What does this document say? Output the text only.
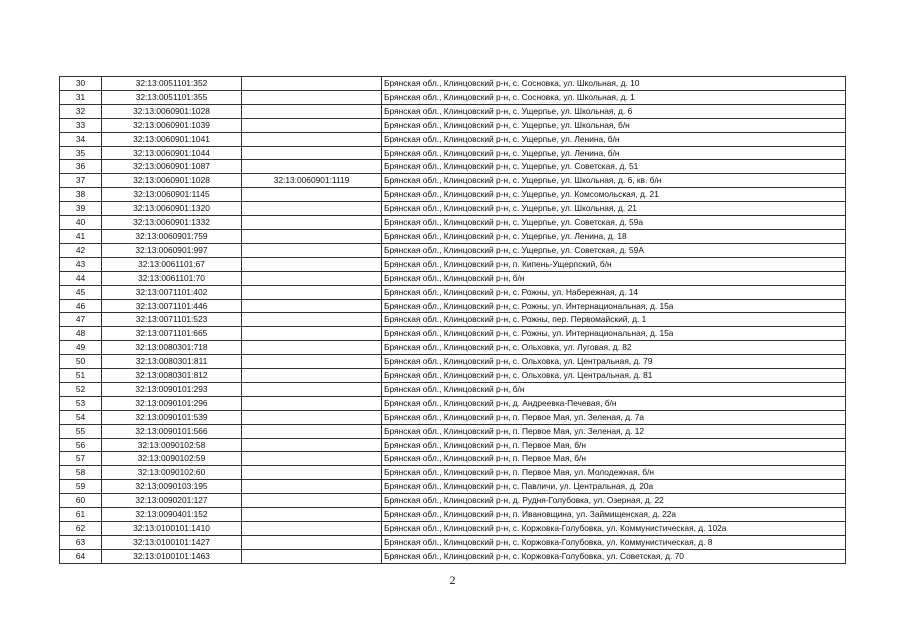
30	32:13:0051101:352		Брянская обл., Клинцовский р-н, с. Сосновка, ул. Школьная, д. 10
31	32:13:0051101:355		Брянская обл., Клинцовский р-н, с. Сосновка, ул. Школьная, д. 1
32	32:13:0060901:1028		Брянская обл., Клинцовский р-н, с. Ущерпье, ул. Школьная, д. 6
33	32:13:0060901:1039		Брянская обл., Клинцовский р-н, с. Ущерпье, ул. Школьная, б/н
34	32:13:0060901:1041		Брянская обл., Клинцовский р-н, с. Ущерпье, ул. Ленина, б/н
35	32:13:0060901:1044		Брянская обл., Клинцовский р-н, с. Ущерпье, ул. Ленина, б/н
36	32:13:0060901:1087		Брянская обл., Клинцовский р-н, с. Ущерпье, ул. Советская, д. 51
37	32:13:0060901:1028	32:13:0060901:1119	Брянская обл., Клинцовский р-н, с. Ущерпье, ул. Школьная, д. 6, кв. б/н
38	32:13:0060901:1145		Брянская обл., Клинцовский р-н, с. Ущерпье, ул. Комсомольская, д. 21
39	32:13:0060901:1320		Брянская обл., Клинцовский р-н, с. Ущерпье, ул. Школьная, д. 21
40	32:13:0060901:1332		Брянская обл., Клинцовский р-н, с. Ущерпье, ул. Советская, д. 59а
41	32:13:0060901:759		Брянская обл., Клинцовский р-н, с. Ущерпье, ул. Ленина, д. 18
42	32:13:0060901:997		Брянская обл., Клинцовский р-н, с. Ущерпье, ул. Советская, д. 59А
43	32:13:0061101:67		Брянская обл., Клинцовский р-н, п. Кипень-Ущерпский, б/н
44	32:13:0061101:70		Брянская обл., Клинцовский р-н, б/н
45	32:13:0071101:402		Брянская обл., Клинцовский р-н, с. Рожны, ул. Набережная, д. 14
46	32:13:0071101:446		Брянская обл., Клинцовский р-н, с. Рожны, ул. Интернациональная, д. 15а
47	32:13:0071101:523		Брянская обл., Клинцовский р-н, с. Рожны, пер. Первомайский, д. 1
48	32:13:0071101:665		Брянская обл., Клинцовский р-н, с. Рожны, ул. Интернациональная, д. 15а
49	32:13:0080301:718		Брянская обл., Клинцовский р-н, с. Ольховка, ул. Луговая, д. 82
50	32:13:0080301:811		Брянская обл., Клинцовский р-н, с. Ольховка, ул. Центральная, д. 79
51	32:13:0080301:812		Брянская обл., Клинцовский р-н, с. Ольховка, ул. Центральная, д. 81
52	32:13:0090101:293		Брянская обл., Клинцовский р-н, б/н
53	32:13:0090101:296		Брянская обл., Клинцовский р-н, д. Андреевка-Печевая, б/н
54	32:13:0090101:539		Брянская обл., Клинцовский р-н, п. Первое Мая, ул. Зеленая, д. 7а
55	32:13:0090101:566		Брянская обл., Клинцовский р-н, п. Первое Мая, ул. Зеленая, д. 12
56	32:13:0090102:58		Брянская обл., Клинцовский р-н, п. Первое Мая, б/н
57	32:13:0090102:59		Брянская обл., Клинцовский р-н, п. Первое Мая, б/н
58	32:13:0090102:60		Брянская обл., Клинцовский р-н, п. Первое Мая, ул. Молодежная, б/н
59	32:13:0090103:195		Брянская обл., Клинцовский р-н, с. Павличи, ул. Центральная, д. 20а
60	32:13:0090201:127		Брянская обл., Клинцовский р-н, д. Рудня-Голубовка, ул. Озерная, д. 22
61	32:13:0090401:152		Брянская обл., Клинцовский р-н, п. Ивановщина, ул. Займищенская, д. 22а
62	32:13:0100101:1410		Брянская обл., Клинцовский р-н, с. Коржовка-Голубовка, ул. Коммунистическая, д. 102а
63	32:13:0100101:1427		Брянская обл., Клинцовский р-н, с. Коржовка-Голубовка, ул. Коммунистическая, д. 8
64	32:13:0100101:1463		Брянская обл., Клинцовский р-н, с. Коржовка-Голубовка, ул. Советская, д. 70
2
